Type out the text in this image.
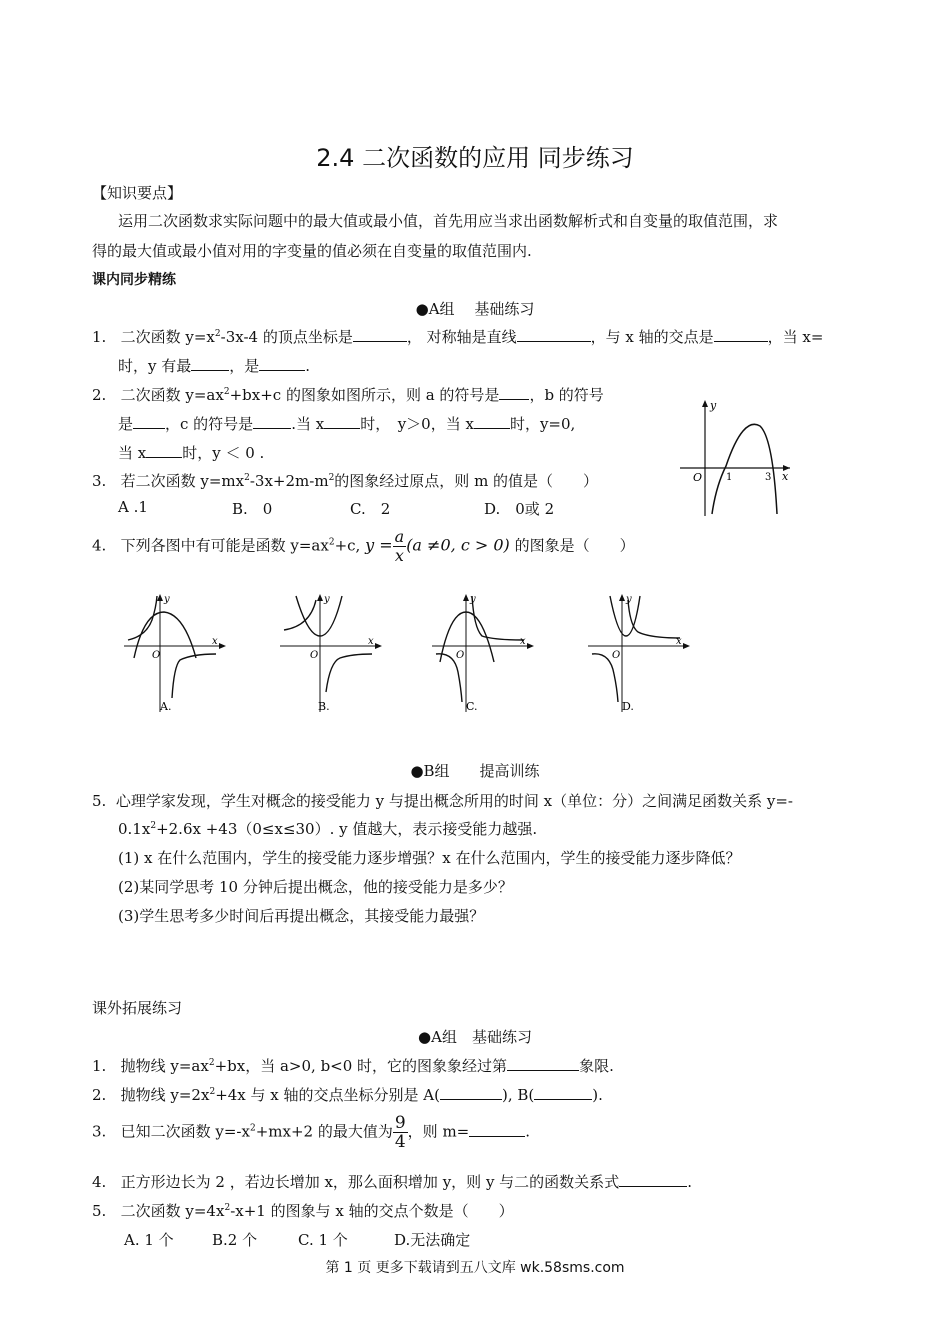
2.4 二次函数的应用 同步练习
【知识要点】
运用二次函数求实际问题中的最大值或最小值，首先用应当求出函数解析式和自变量的取值范围，求
得的最大值或最小值对用的字变量的值必须在自变量的取值范围内.
课内同步精练
●A组　 基础练习
1. 二次函数 $y=x^2-3x-4$ 的顶点坐标是	， 对称轴是直线	，与 x 轴的交点是	，当 x=
时，y 有最	，是	.
2. 二次函数 $y=ax^2+bx+c$ 的图象如图所示，则 a 的符号是 ，b 的符号
是 ，c 的符号是	.当 x 时，　y＞0，当 x 时，y=0,
当 x 时，y ＜ 0 .
y
x
O 1	3
3. 若二次函数 $y=mx^2-3x+2m-m^2$的图象经过原点，则 m 的值是（　　）
A .1	B.　0	C.　2	D.　0或 2
4. 下列各图中有可能是函数 $y=ax^2+c$, $y = \frac{a}{x} (a \ne 0$, c > 0) 的图象是（　　）
y
x
O
A.
y
x
O
B.
y
x
O
C.
y
x
O
D.
●B组　　提高训练
5. 心理学家发现，学生对概念的接受能力 y 与提出概念所用的时间 x（单位：分）之间满足函数关系 y=-
$0.1x^2+2.6x +43(0\le x\le 30)$. y 值越大，表示接受能力越强.
(1) x 在什么范围内，学生的接受能力逐步增强？x 在什么范围内，学生的接受能力逐步降低？
(2)某同学思考 10 分钟后提出概念，他的接受能力是多少？
(3)学生思考多少时间后再提出概念，其接受能力最强？
课外拓展练习
●A组　基础练习
1. 抛物线 $y=ax^2+bx$，当 a>0, b<0 时，它的图象象经过第	象限.
2. 抛物线 $y=2x^2+4x$ 与 x 轴的交点坐标分别是 A(	), B(	).
3. 已知二次函数 $y=-x^2+mx+2$ 的最大值为 $\frac{9}{4}$ ，则 m=	.
4. 正方形边长为 2 ，若边长增加 x，那么面积增加 y，则 y 与二的函数关系式	.
5. 二次函数 $y=4x^2-x+1$ 的图象与 x 轴的交点个数是（　　）
A. 1 个	B.2 个	C. 1 个	D.无法确定
第 1 页 更多下载请到五八文库 wk.58sms.com
